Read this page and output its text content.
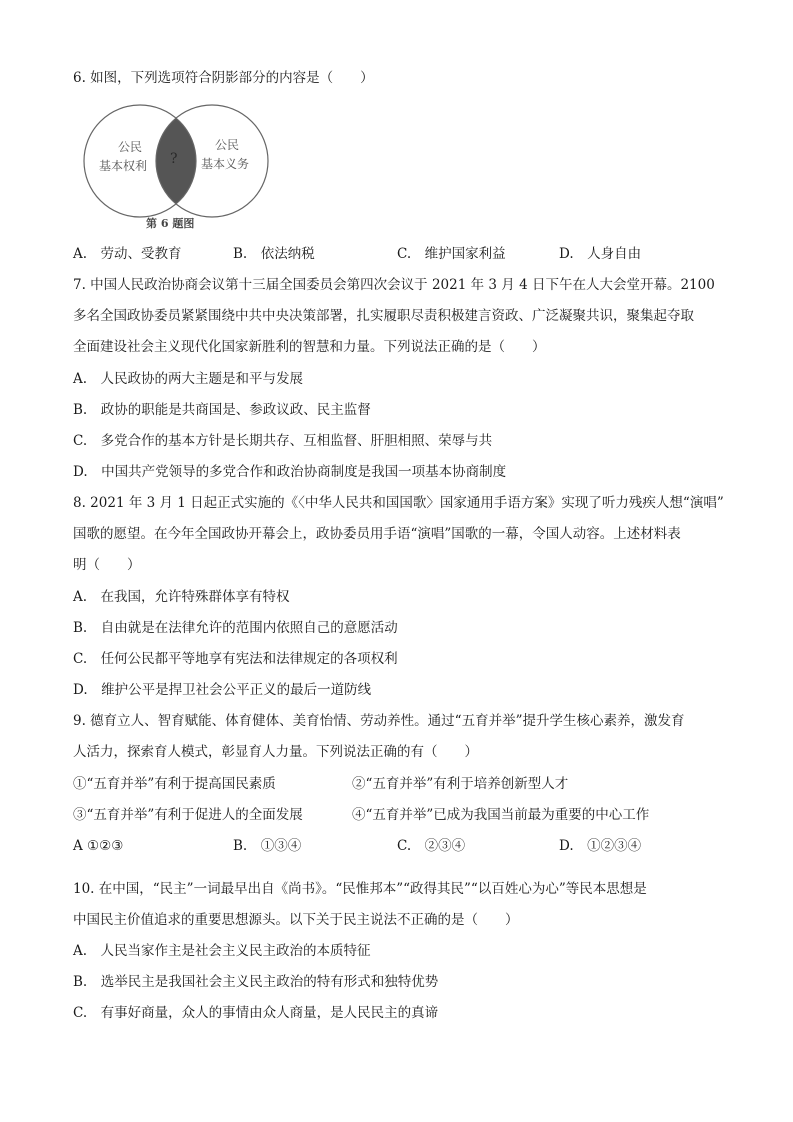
6. 如图，下列选项符合阴影部分的内容是（　　）
公民
基本权利 ?
公民
基本义务
第 6 题图
A.　劳动、受教育	B.　依法纳税	C.　维护国家利益	D.　人身自由
7. 中国人民政治协商会议第十三届全国委员会第四次会议于 2021 年 3 月 4 日下午在人大会堂开幕。2100
多名全国政协委员紧紧围绕中共中央决策部署，扎实履职尽责积极建言资政、广泛凝聚共识，聚集起夺取
全面建设社会主义现代化国家新胜利的智慧和力量。下列说法正确的是（　　）
A.　人民政协的两大主题是和平与发展
B.　政协的职能是共商国是、参政议政、民主监督
C.　多党合作的基本方针是长期共存、互相监督、肝胆相照、荣辱与共
D.　中国共产党领导的多党合作和政治协商制度是我国一项基本协商制度
8. 2021 年 3 月 1 日起正式实施的《〈中华人民共和国国歌〉国家通用手语方案》实现了听力残疾人想“演唱”
国歌的愿望。在今年全国政协开幕会上，政协委员用手语“演唱”国歌的一幕，令国人动容。上述材料表
明（　　）
A.　在我国，允许特殊群体享有特权
B.　自由就是在法律允许的范围内依照自己的意愿活动
C.　任何公民都平等地享有宪法和法律规定的各项权利
D.　维护公平是捍卫社会公平正义的最后一道防线
9. 德育立人、智育赋能、体育健体、美育怡情、劳动养性。通过“五育并举”提升学生核心素养，激发育
人活力，探索育人模式，彰显育人力量。下列说法正确的有（　　）
①“五育并举”有利于提高国民素质	②“五育并举”有利于培养创新型人才
③“五育并举”有利于促进人的全面发展	④“五育并举”已成为我国当前最为重要的中心工作
A ①②③	B.　①③④	C.　②③④	D.　①②③④
10. 在中国，“民主”一词最早出自《尚书》。“民惟邦本”“政得其民”“以百姓心为心”等民本思想是
中国民主价值追求的重要思想源头。以下关于民主说法不正确的是（　　）
A.　人民当家作主是社会主义民主政治的本质特征
B.　选举民主是我国社会主义民主政治的特有形式和独特优势
C.　有事好商量，众人的事情由众人商量，是人民民主的真谛
